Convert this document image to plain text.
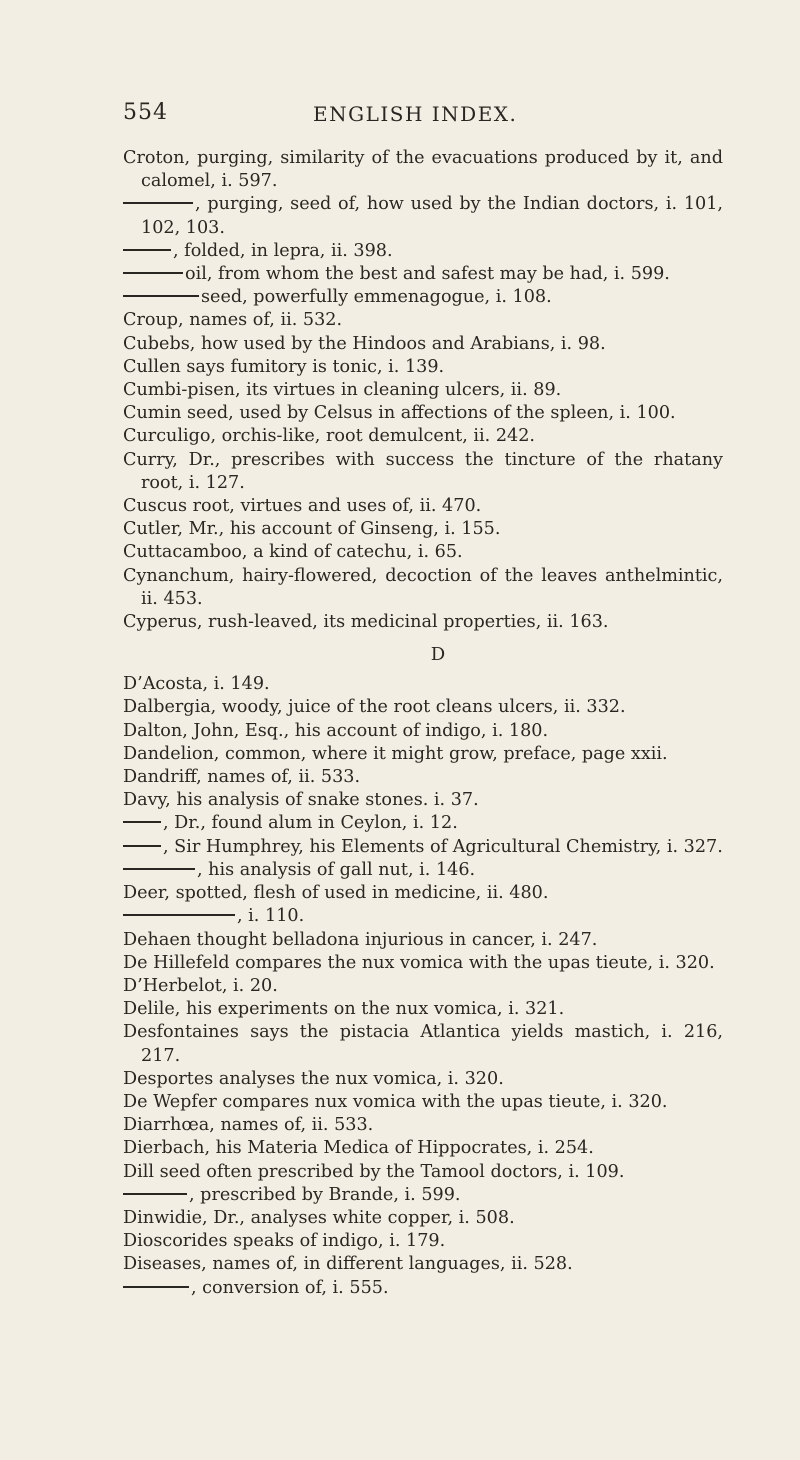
554	ENGLISH INDEX.

Croton, purging, similarity of the evacuations produced by it, and calomel, i. 597.

, purging, seed of, how used by the Indian doctors, i. 101, 102, 103.

, folded, in lepra, ii. 398.

oil, from whom the best and safest may be had, i. 599.

seed, powerfully emmenagogue, i. 108.

Croup, names of, ii. 532.

Cubebs, how used by the Hindoos and Arabians, i. 98.

Cullen says fumitory is tonic, i. 139.

Cumbi-pisen, its virtues in cleaning ulcers, ii. 89.

Cumin seed, used by Celsus in affections of the spleen, i. 100.

Curculigo, orchis-like, root demulcent, ii. 242.

Curry, Dr., prescribes with success the tincture of the rhatany root, i. 127.

Cuscus root, virtues and uses of, ii. 470.

Cutler, Mr., his account of Ginseng, i. 155.

Cuttacamboo, a kind of catechu, i. 65.

Cynanchum, hairy-flowered, decoction of the leaves anthelmintic, ii. 453.

Cyperus, rush-leaved, its medicinal properties, ii. 163.

D

D’Acosta, i. 149.

Dalbergia, woody, juice of the root cleans ulcers, ii. 332.

Dalton, John, Esq., his account of indigo, i. 180.

Dandelion, common, where it might grow, preface, page xxii.

Dandriff, names of, ii. 533.

Davy, his analysis of snake stones. i. 37.

, Dr., found alum in Ceylon, i. 12.

, Sir Humphrey, his Elements of Agricultural Chemistry, i. 327.

, his analysis of gall nut, i. 146.

Deer, spotted, flesh of used in medicine, ii. 480.

, i. 110.

Dehaen thought belladona injurious in cancer, i. 247.

De Hillefeld compares the nux vomica with the upas tieute, i. 320.

D’Herbelot, i. 20.

Delile, his experiments on the nux vomica, i. 321.

Desfontaines says the pistacia Atlantica yields mastich, i. 216, 217.

Desportes analyses the nux vomica, i. 320.

De Wepfer compares nux vomica with the upas tieute, i. 320.

Diarrhœa, names of, ii. 533.

Dierbach, his Materia Medica of Hippocrates, i. 254.

Dill seed often prescribed by the Tamool doctors, i. 109.

, prescribed by Brande, i. 599.

Dinwidie, Dr., analyses white copper, i. 508.

Dioscorides speaks of indigo, i. 179.

Diseases, names of, in different languages, ii. 528.

, conversion of, i. 555.
